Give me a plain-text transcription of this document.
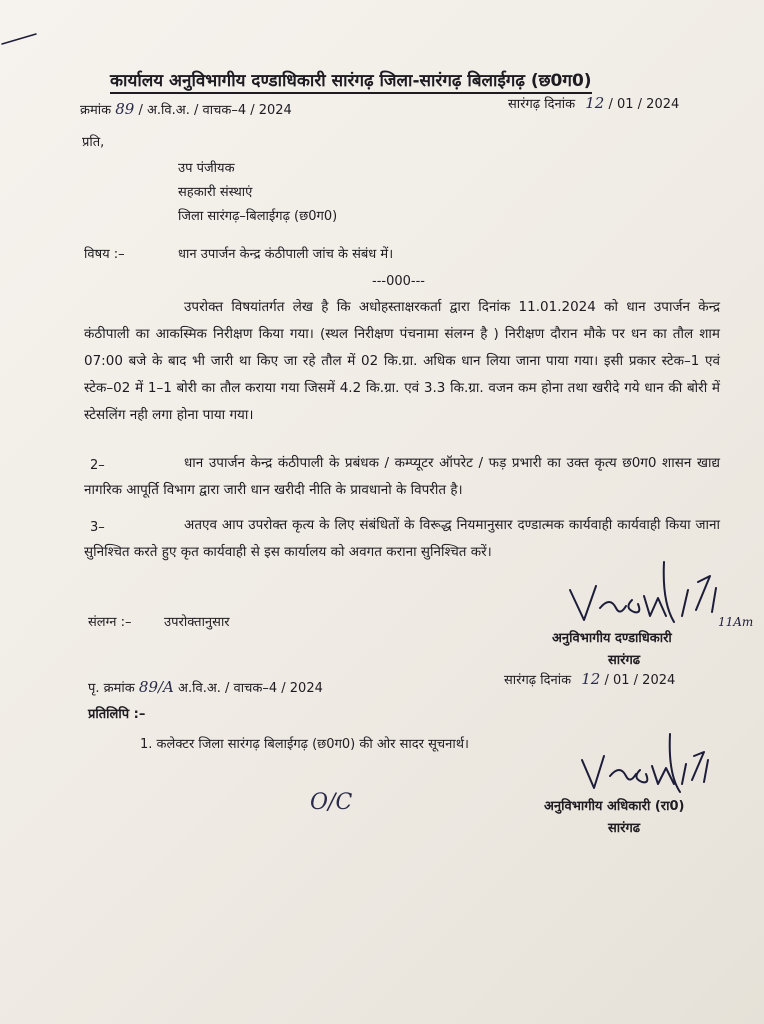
कार्यालय अनुविभागीय दण्डाधिकारी सारंगढ़ जिला-सारंगढ़ बिलाईगढ़ (छ0ग0)
क्रमांक 89 / अ.वि.अ. / वाचक–4 / 2024	सारंगढ़ दिनांक 12 / 01 / 2024
प्रति,
उप पंजीयक
सहकारी संस्थाएं
जिला सारंगढ़–बिलाईगढ़ (छ0ग0)
विषय :–	धान उपार्जन केन्द्र कंठीपाली जांच के संबंध में।
---000---
उपरोक्त विषयांतर्गत लेख है कि अधोहस्ताक्षरकर्ता द्वारा दिनांक 11.01.2024 को धान उपार्जन केन्द्र कंठीपाली का आकस्मिक निरीक्षण किया गया। (स्थल निरीक्षण पंचनामा संलग्न है ) निरीक्षण दौरान मौके पर धन का तौल शाम 07:00 बजे के बाद भी जारी था किए जा रहे तौल में 02 कि.ग्रा. अधिक धान लिया जाना पाया गया। इसी प्रकार स्टेक–1 एवं स्टेक–02 में 1–1 बोरी का तौल कराया गया जिसमें 4.2 कि.ग्रा. एवं 3.3 कि.ग्रा. वजन कम होना तथा खरीदे गये धान की बोरी में स्टेसलिंग नही लगा होना पाया गया।
2–	धान उपार्जन केन्द्र कंठीपाली के प्रबंधक / कम्प्यूटर ऑपरेट / फड़ प्रभारी का उक्त कृत्य छ0ग0 शासन खाद्य नागरिक आपूर्ति विभाग द्वारा जारी धान खरीदी नीति के प्रावधानो के विपरीत है।
3–	अतएव आप उपरोक्त कृत्य के लिए संबंधितों के विरूद्ध नियमानुसार दण्डात्मक कार्यवाही कार्यवाही किया जाना सुनिश्चित करते हुए कृत कार्यवाही से इस कार्यालय को अवगत कराना सुनिश्चित करें।
संलग्न :–	उपरोक्तानुसार	11Am
अनुविभागीय दण्डाधिकारी
सारंगढ
पृ. क्रमांक 89/A अ.वि.अ. / वाचक–4 / 2024
सारंगढ़ दिनांक 12 / 01 / 2024
प्रतिलिपि :–
1. कलेक्टर जिला सारंगढ़ बिलाईगढ़ (छ0ग0) की ओर सादर सूचनार्थ।
O/C	अनुविभागीय अधिकारी (रा0)
सारंगढ
